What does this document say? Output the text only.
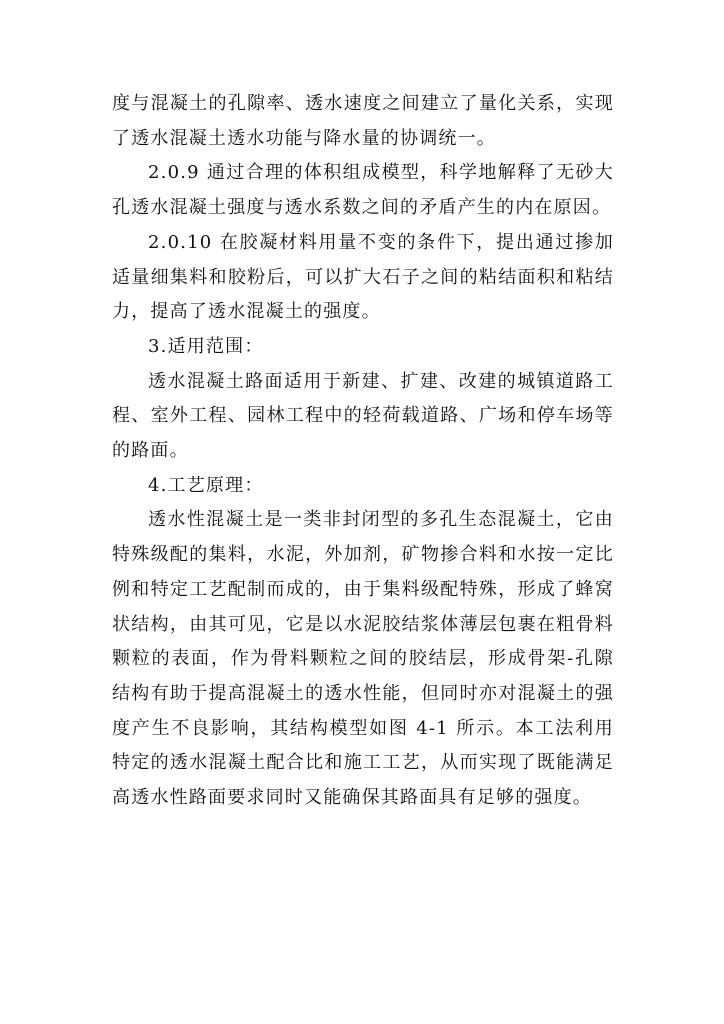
度与混凝土的孔隙率、透水速度之间建立了量化关系，实现了透水混凝土透水功能与降水量的协调统一。

2.0.9 通过合理的体积组成模型，科学地解释了无砂大孔透水混凝土强度与透水系数之间的矛盾产生的内在原因。

2.0.10 在胶凝材料用量不变的条件下，提出通过掺加适量细集料和胶粉后，可以扩大石子之间的粘结面积和粘结力，提高了透水混凝土的强度。

3.适用范围：

透水混凝土路面适用于新建、扩建、改建的城镇道路工程、室外工程、园林工程中的轻荷载道路、广场和停车场等的路面。

4.工艺原理：

透水性混凝土是一类非封闭型的多孔生态混凝土，它由特殊级配的集料，水泥，外加剂，矿物掺合料和水按一定比例和特定工艺配制而成的，由于集料级配特殊，形成了蜂窝状结构，由其可见，它是以水泥胶结浆体薄层包裹在粗骨料颗粒的表面，作为骨料颗粒之间的胶结层，形成骨架-孔隙结构有助于提高混凝土的透水性能，但同时亦对混凝土的强度产生不良影响，其结构模型如图 4-1 所示。本工法利用特定的透水混凝土配合比和施工工艺，从而实现了既能满足高透水性路面要求同时又能确保其路面具有足够的强度。
